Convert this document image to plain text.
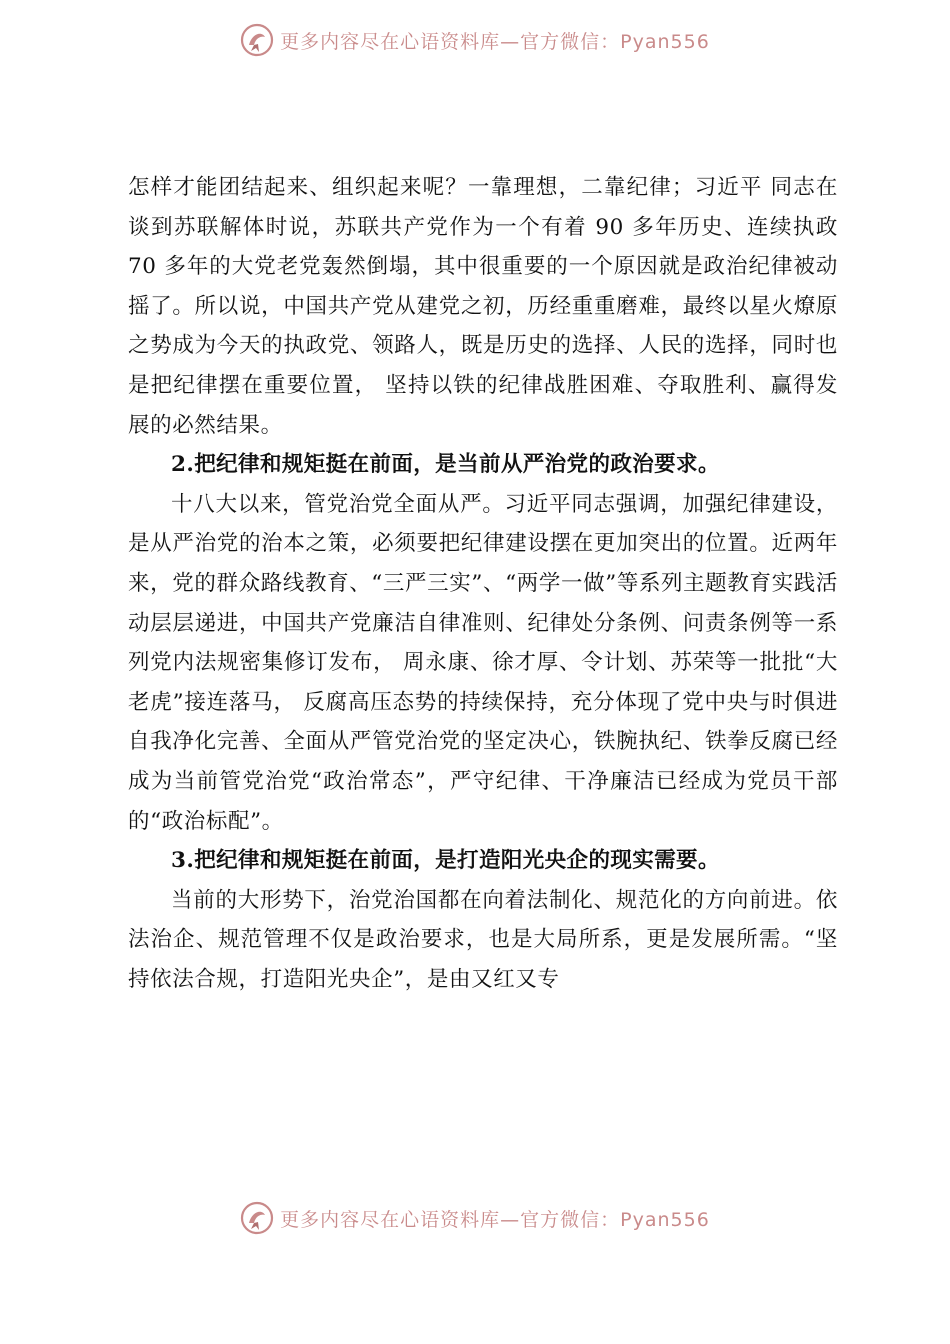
更多内容尽在心语资料库—官方微信：Pyan556

怎样才能团结起来、组织起来呢？一靠理想，二靠纪律；习近平 同志在谈到苏联解体时说，苏联共产党作为一个有着 90 多年历史、连续执政 70 多年的大党老党轰然倒塌，其中很重要的一个原因就是政治纪律被动摇了。所以说，中国共产党从建党之初，历经重重磨难，最终以星火燎原之势成为今天的执政党、领路人，既是历史的选择、人民的选择，同时也是把纪律摆在重要位置， 坚持以铁的纪律战胜困难、夺取胜利、赢得发展的必然结果。

2.把纪律和规矩挺在前面，是当前从严治党的政治要求。

十八大以来，管党治党全面从严。习近平同志强调，加强纪律建设，是从严治党的治本之策，必须要把纪律建设摆在更加突出的位置。近两年来，党的群众路线教育、“三严三实”、“两学一做”等系列主题教育实践活动层层递进，中国共产党廉洁自律准则、纪律处分条例、问责条例等一系列党内法规密集修订发布， 周永康、徐才厚、令计划、苏荣等一批批“大老虎”接连落马， 反腐高压态势的持续保持，充分体现了党中央与时俱进自我净化完善、全面从严管党治党的坚定决心，铁腕执纪、铁拳反腐已经成为当前管党治党“政治常态”，严守纪律、干净廉洁已经成为党员干部的“政治标配”。

3.把纪律和规矩挺在前面，是打造阳光央企的现实需要。

当前的大形势下，治党治国都在向着法制化、规范化的方向前进。依法治企、规范管理不仅是政治要求，也是大局所系，更是发展所需。“坚持依法合规，打造阳光央企”，是由又红又专

更多内容尽在心语资料库—官方微信：Pyan556
